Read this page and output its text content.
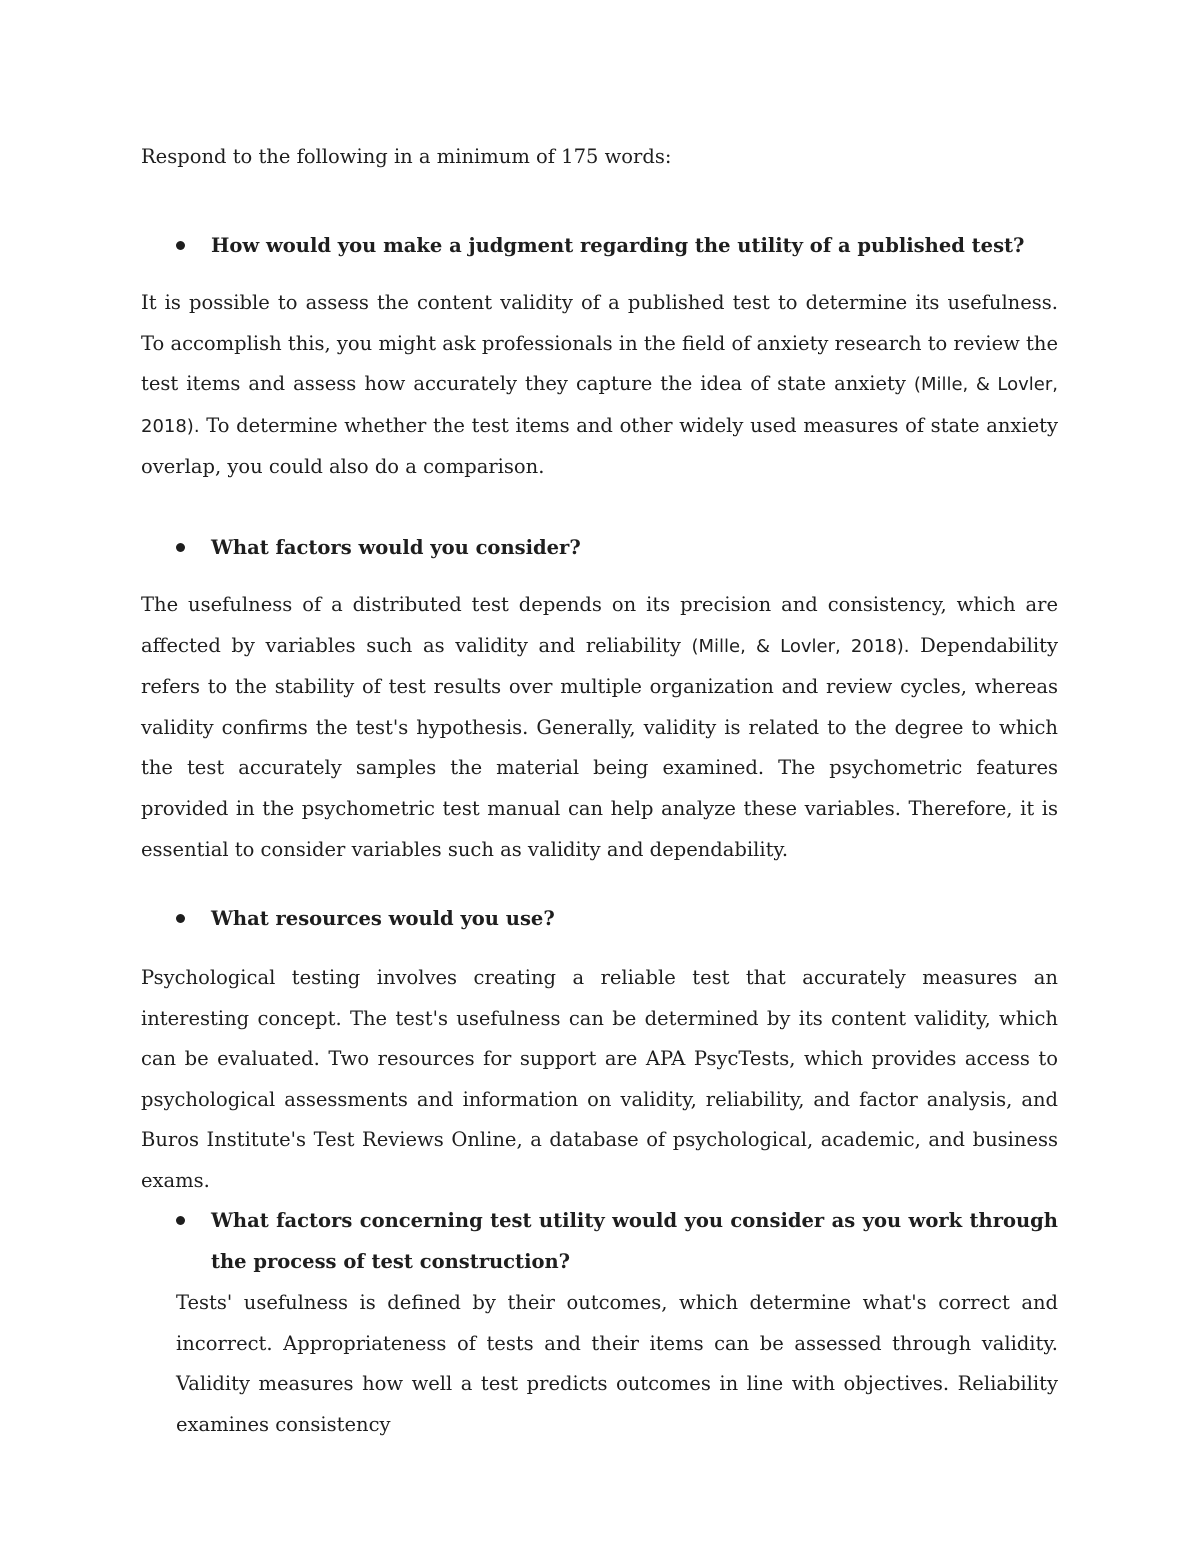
Respond to the following in a minimum of 175 words:

How would you make a judgment regarding the utility of a published test?

It is possible to assess the content validity of a published test to determine its usefulness. To accomplish this, you might ask professionals in the field of anxiety research to review the test items and assess how accurately they capture the idea of state anxiety (Mille, & Lovler, 2018). To determine whether the test items and other widely used measures of state anxiety overlap, you could also do a comparison.

What factors would you consider?

The usefulness of a distributed test depends on its precision and consistency, which are affected by variables such as validity and reliability (Mille, & Lovler, 2018). Dependability refers to the stability of test results over multiple organization and review cycles, whereas validity confirms the test's hypothesis. Generally, validity is related to the degree to which the test accurately samples the material being examined. The psychometric features provided in the psychometric test manual can help analyze these variables. Therefore, it is essential to consider variables such as validity and dependability.

What resources would you use?

Psychological testing involves creating a reliable test that accurately measures an interesting concept. The test's usefulness can be determined by its content validity, which can be evaluated. Two resources for support are APA PsycTests, which provides access to psychological assessments and information on validity, reliability, and factor analysis, and Buros Institute's Test Reviews Online, a database of psychological, academic, and business exams.

What factors concerning test utility would you consider as you work through the process of test construction?

Tests' usefulness is defined by their outcomes, which determine what's correct and incorrect. Appropriateness of tests and their items can be assessed through validity. Validity measures how well a test predicts outcomes in line with objectives. Reliability examines consistency
